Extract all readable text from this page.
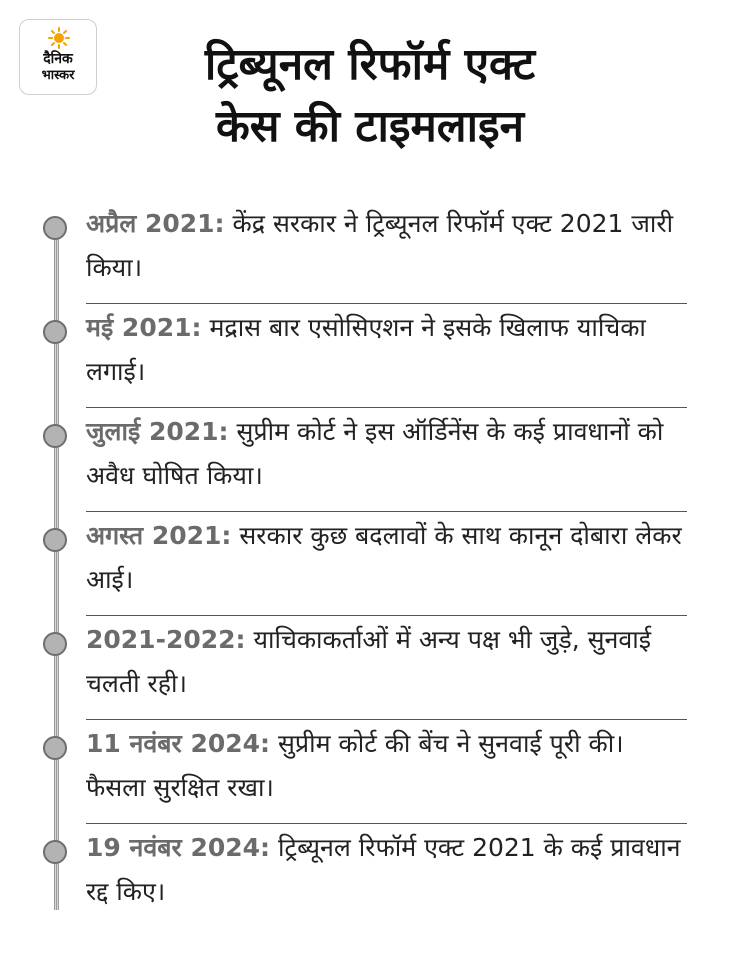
दैनिक
भास्कर	ट्रिब्यूनल रिफॉर्म एक्ट
केस की टाइमलाइन
अप्रैल 2021: केंद्र सरकार ने ट्रिब्यूनल रिफॉर्म एक्ट 2021 जारी किया।
मई 2021: मद्रास बार एसोसिएशन ने इसके खिलाफ याचिका लगाई।
जुलाई 2021: सुप्रीम कोर्ट ने इस ऑर्डिनेंस के कई प्रावधानों को अवैध घोषित किया।
अगस्त 2021: सरकार कुछ बदलावों के साथ कानून दोबारा लेकर आई।
2021-2022: याचिकाकर्ताओं में अन्य पक्ष भी जुड़े, सुनवाई चलती रही।
11 नवंबर 2024: सुप्रीम कोर्ट की बेंच ने सुनवाई पूरी की। फैसला सुरक्षित रखा।
19 नवंबर 2024: ट्रिब्यूनल रिफॉर्म एक्ट 2021 के कई प्रावधान रद्द किए।
